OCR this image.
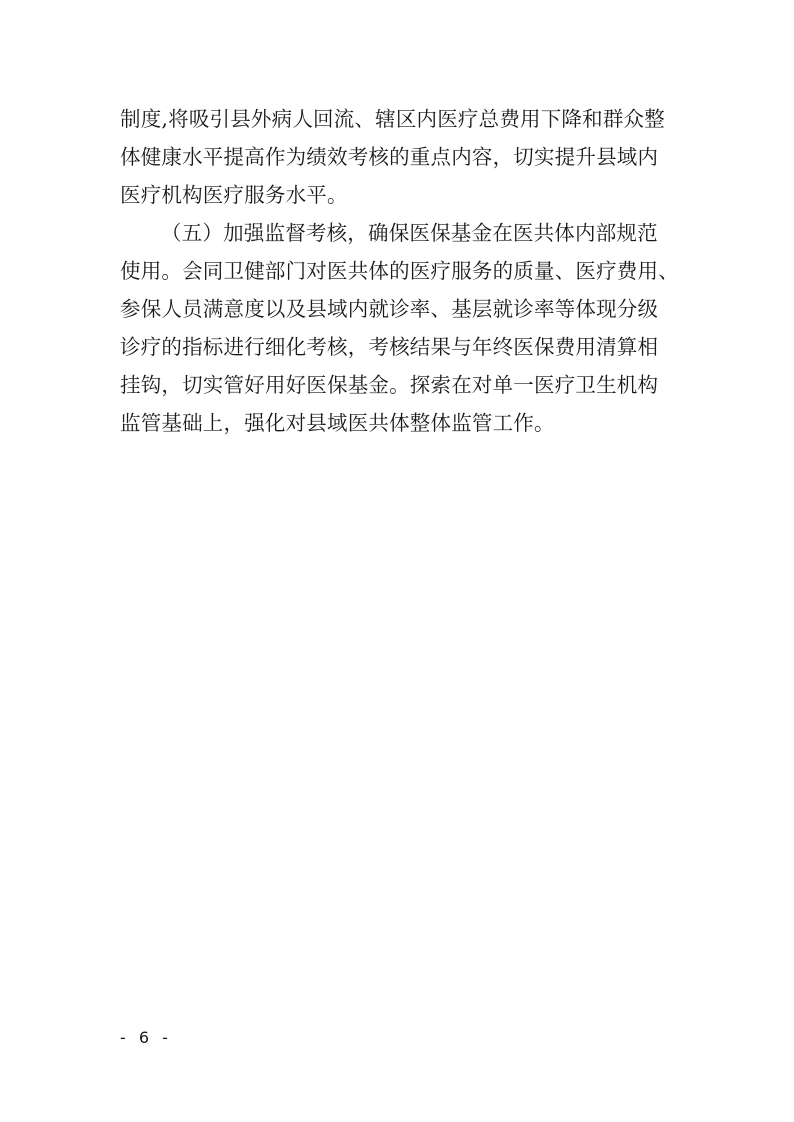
制度,将吸引县外病人回流、辖区内医疗总费用下降和群众整
体健康水平提高作为绩效考核的重点内容，切实提升县域内
医疗机构医疗服务水平。
（五）加强监督考核，确保医保基金在医共体内部规范
使用。会同卫健部门对医共体的医疗服务的质量、医疗费用、
参保人员满意度以及县域内就诊率、基层就诊率等体现分级
诊疗的指标进行细化考核，考核结果与年终医保费用清算相
挂钩，切实管好用好医保基金。探索在对单一医疗卫生机构
监管基础上，强化对县域医共体整体监管工作。
- 6 -
